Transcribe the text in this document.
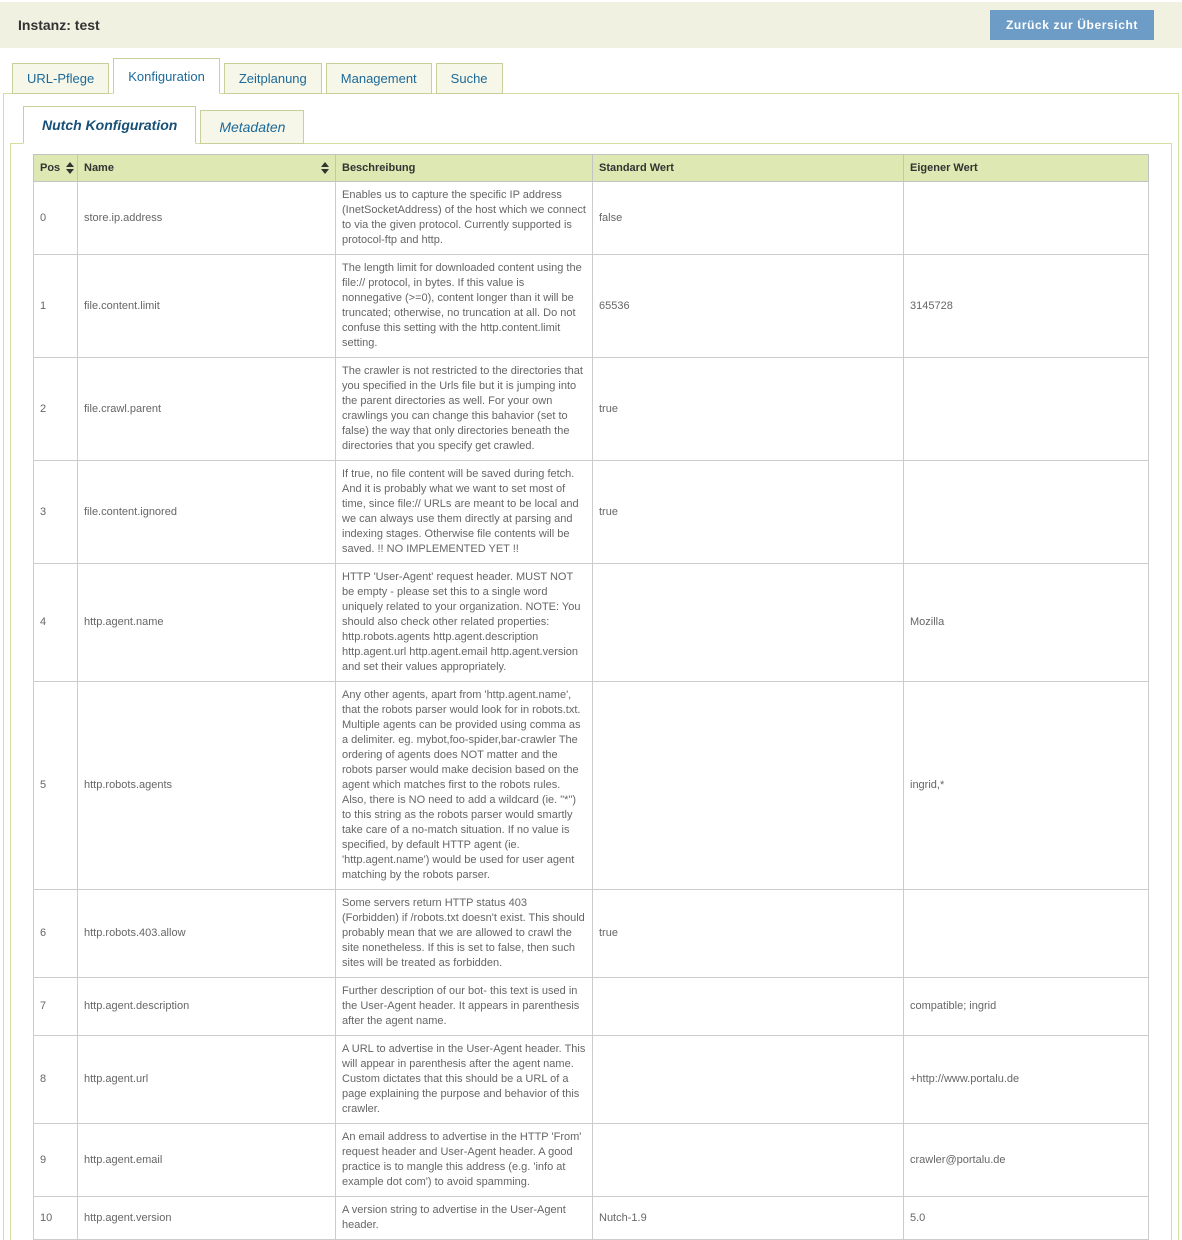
Instanz: test	Zurück zur Übersicht
URL-Pflege	Konfiguration	Zeitplanung	Management	Suche
Nutch Konfiguration	Metadaten
Pos	Name	Beschreibung	Standard Wert	Eigener Wert
0	store.ip.address	Enables us to capture the specific IP address (InetSocketAddress) of the host which we connect to via the given protocol. Currently supported is protocol-ftp and http.	false	
1	file.content.limit	The length limit for downloaded content using the file:// protocol, in bytes. If this value is nonnegative (>=0), content longer than it will be truncated; otherwise, no truncation at all. Do not confuse this setting with the http.content.limit setting.	65536	3145728
2	file.crawl.parent	The crawler is not restricted to the directories that you specified in the Urls file but it is jumping into the parent directories as well. For your own crawlings you can change this bahavior (set to false) the way that only directories beneath the directories that you specify get crawled.	true	
3	file.content.ignored	If true, no file content will be saved during fetch. And it is probably what we want to set most of time, since file:// URLs are meant to be local and we can always use them directly at parsing and indexing stages. Otherwise file contents will be saved. !! NO IMPLEMENTED YET !!	true	
4	http.agent.name	HTTP 'User-Agent' request header. MUST NOT be empty - please set this to a single word uniquely related to your organization. NOTE: You should also check other related properties: http.robots.agents http.agent.description http.agent.url http.agent.email http.agent.version and set their values appropriately.		Mozilla
5	http.robots.agents	Any other agents, apart from 'http.agent.name', that the robots parser would look for in robots.txt. Multiple agents can be provided using comma as a delimiter. eg. mybot,foo-spider,bar-crawler The ordering of agents does NOT matter and the robots parser would make decision based on the agent which matches first to the robots rules. Also, there is NO need to add a wildcard (ie. "*") to this string as the robots parser would smartly take care of a no-match situation. If no value is specified, by default HTTP agent (ie. 'http.agent.name') would be used for user agent matching by the robots parser.		ingrid,*
6	http.robots.403.allow	Some servers return HTTP status 403 (Forbidden) if /robots.txt doesn't exist. This should probably mean that we are allowed to crawl the site nonetheless. If this is set to false, then such sites will be treated as forbidden.	true	
7	http.agent.description	Further description of our bot- this text is used in the User-Agent header. It appears in parenthesis after the agent name.		compatible; ingrid
8	http.agent.url	A URL to advertise in the User-Agent header. This will appear in parenthesis after the agent name. Custom dictates that this should be a URL of a page explaining the purpose and behavior of this crawler.		+http://www.portalu.de
9	http.agent.email	An email address to advertise in the HTTP 'From' request header and User-Agent header. A good practice is to mangle this address (e.g. 'info at example dot com') to avoid spamming.		crawler@portalu.de
10	http.agent.version	A version string to advertise in the User-Agent header.	Nutch-1.9	5.0
